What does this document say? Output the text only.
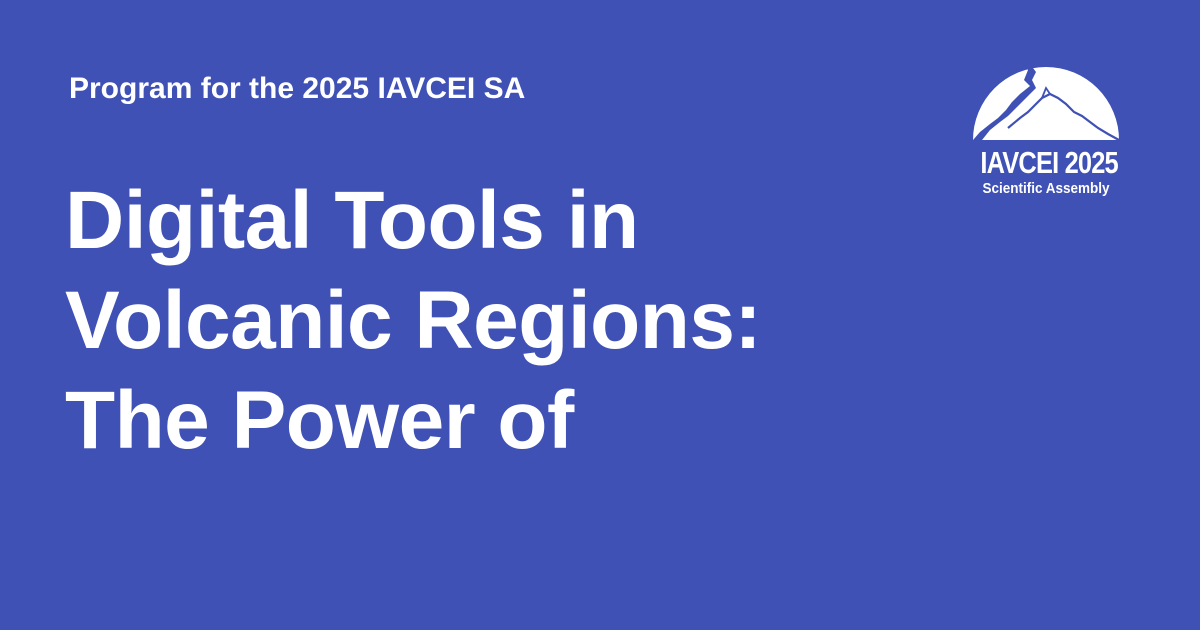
Program for the 2025 IAVCEI SA
Digital Tools in
Volcanic Regions:
The Power of
IAVCEI 2025
Scientific Assembly
